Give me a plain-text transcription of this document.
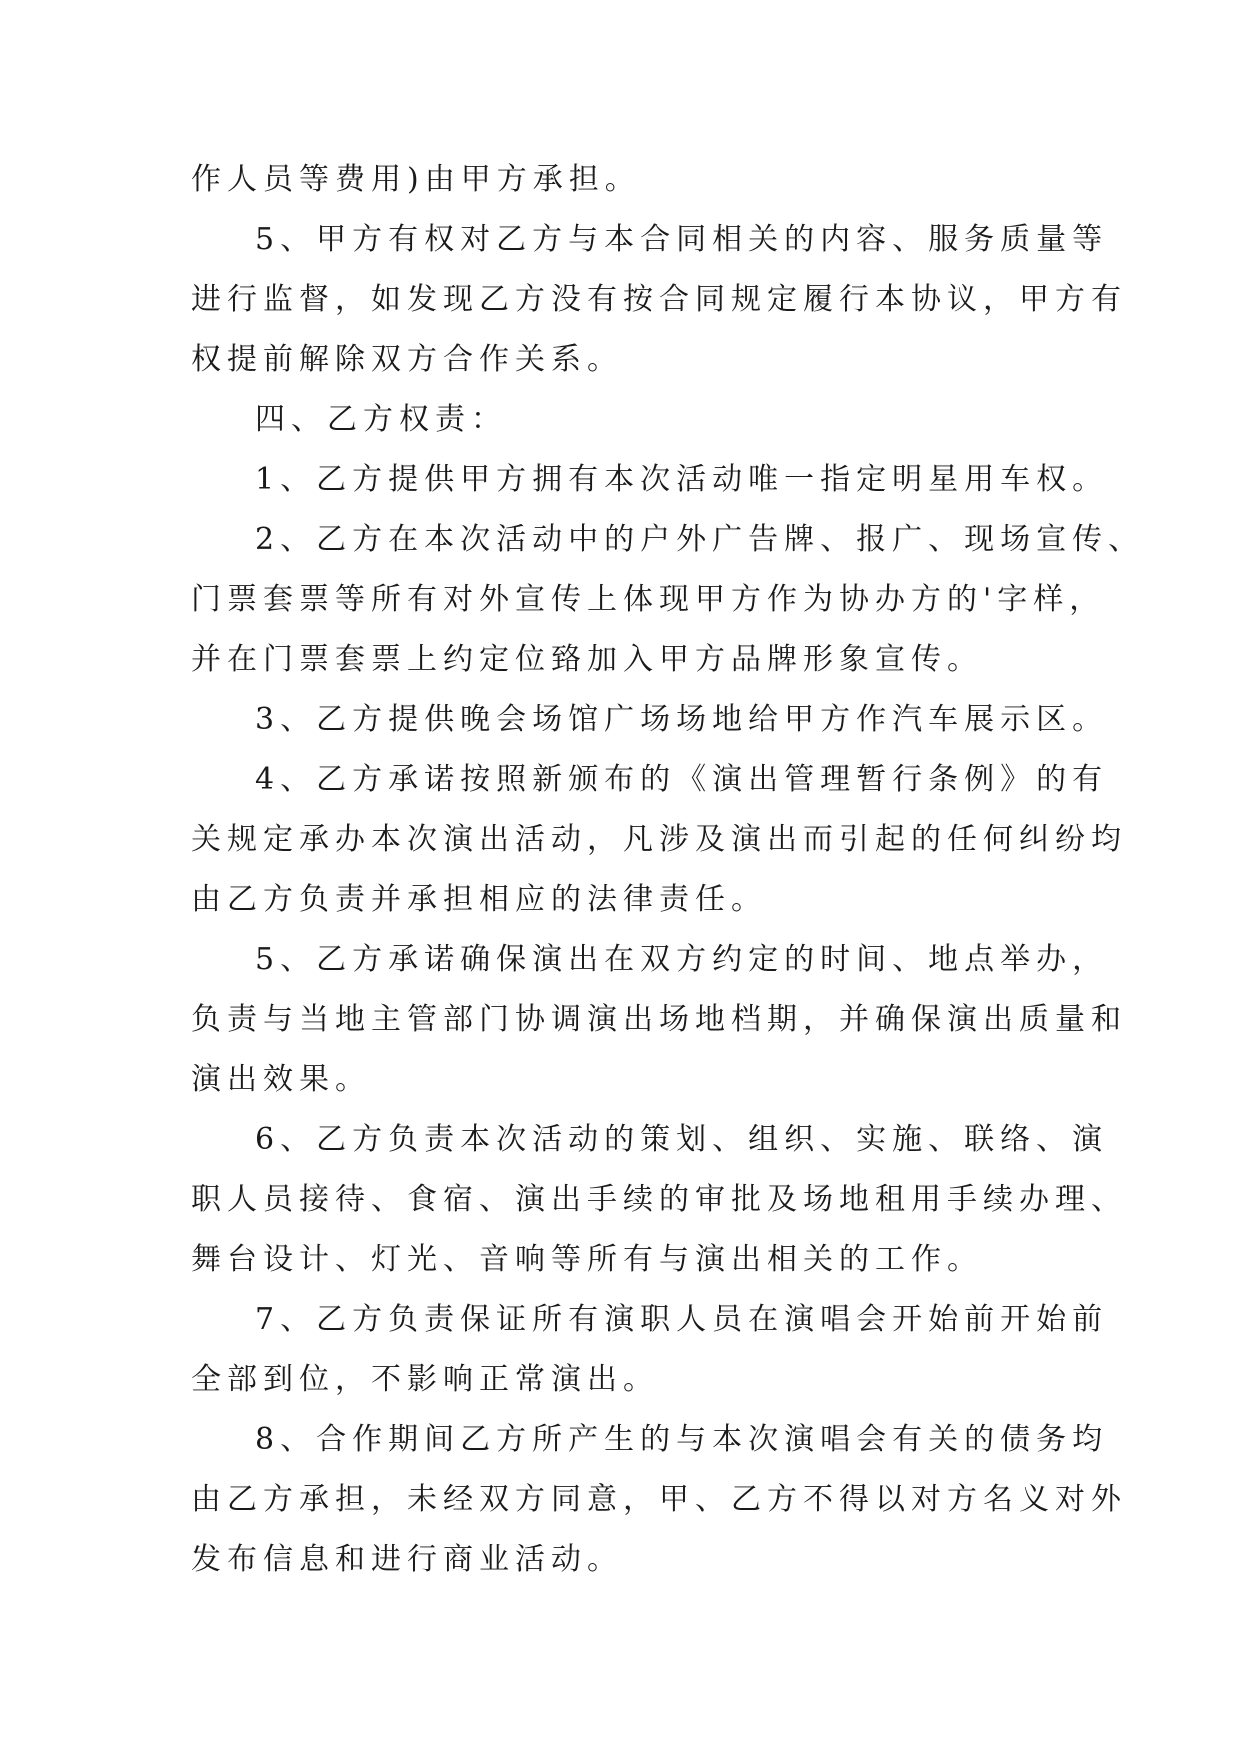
作人员等费用)由甲方承担。
5、甲方有权对乙方与本合同相关的内容、服务质量等
进行监督，如发现乙方没有按合同规定履行本协议，甲方有
权提前解除双方合作关系。
四、乙方权责：
1、乙方提供甲方拥有本次活动唯一指定明星用车权。
2、乙方在本次活动中的户外广告牌、报广、现场宣传、
门票套票等所有对外宣传上体现甲方作为协办方的'字样，
并在门票套票上约定位臵加入甲方品牌形象宣传。
3、乙方提供晚会场馆广场场地给甲方作汽车展示区。
4、乙方承诺按照新颁布的《演出管理暂行条例》的有
关规定承办本次演出活动，凡涉及演出而引起的任何纠纷均
由乙方负责并承担相应的法律责任。
5、乙方承诺确保演出在双方约定的时间、地点举办，
负责与当地主管部门协调演出场地档期，并确保演出质量和
演出效果。
6、乙方负责本次活动的策划、组织、实施、联络、演
职人员接待、食宿、演出手续的审批及场地租用手续办理、
舞台设计、灯光、音响等所有与演出相关的工作。
7、乙方负责保证所有演职人员在演唱会开始前开始前
全部到位，不影响正常演出。
8、合作期间乙方所产生的与本次演唱会有关的债务均
由乙方承担，未经双方同意，甲、乙方不得以对方名义对外
发布信息和进行商业活动。
